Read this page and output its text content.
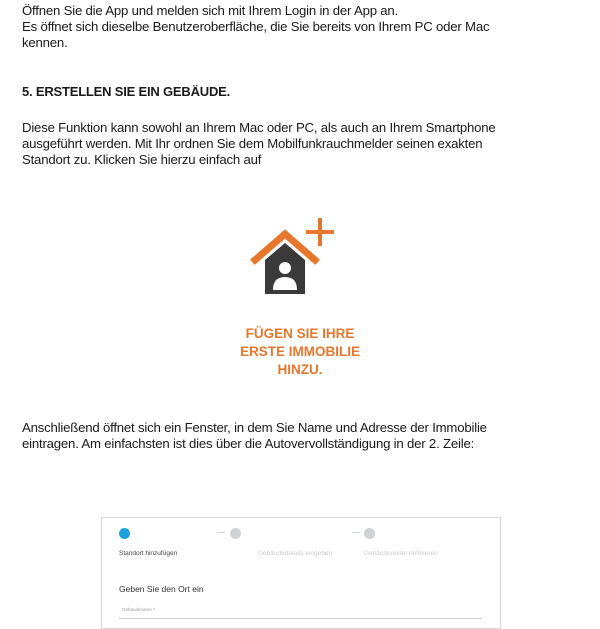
Öffnen Sie die App und melden sich mit Ihrem Login in der App an.
Es öffnet sich dieselbe Benutzeroberfläche, die Sie bereits von Ihrem PC oder Mac
kennen.
5. ERSTELLEN SIE EIN GEBÄUDE.
Diese Funktion kann sowohl an Ihrem Mac oder PC, als auch an Ihrem Smartphone
ausgeführt werden. Mit Ihr ordnen Sie dem Mobilfunkrauchmelder seinen exakten
Standort zu. Klicken Sie hierzu einfach auf
FÜGEN SIE IHRE
ERSTE IMMOBILIE
HINZU.
Anschließend öffnet sich ein Fenster, in dem Sie Name und Adresse der Immobilie
eintragen. Am einfachsten ist dies über die Autovervollständigung in der 2. Zeile:
Standort hinzufügen	Gebäudedetails eingeben	Gebäuderelder definieren
Geben Sie den Ort ein
Gebäudename *
